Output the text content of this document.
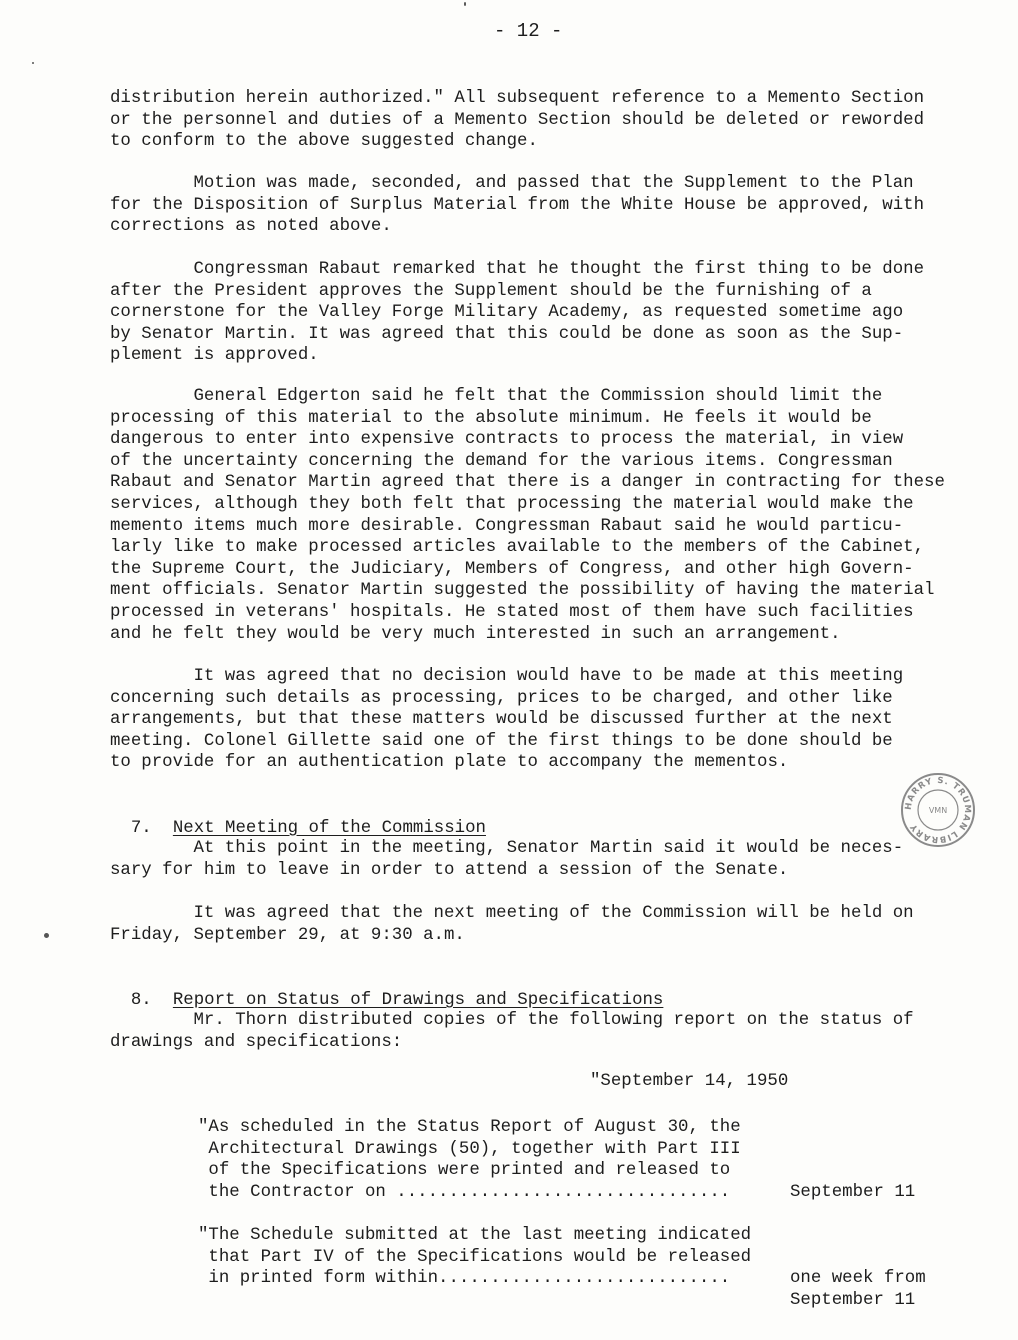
- 12 -
distribution herein authorized." All subsequent reference to a Memento Section
or the personnel and duties of a Memento Section should be deleted or reworded
to conform to the above suggested change.
Motion was made, seconded, and passed that the Supplement to the Plan
for the Disposition of Surplus Material from the White House be approved, with
corrections as noted above.
Congressman Rabaut remarked that he thought the first thing to be done
after the President approves the Supplement should be the furnishing of a
cornerstone for the Valley Forge Military Academy, as requested sometime ago
by Senator Martin. It was agreed that this could be done as soon as the Sup-
plement is approved.
General Edgerton said he felt that the Commission should limit the
processing of this material to the absolute minimum. He feels it would be
dangerous to enter into expensive contracts to process the material, in view
of the uncertainty concerning the demand for the various items. Congressman
Rabaut and Senator Martin agreed that there is a danger in contracting for these
services, although they both felt that processing the material would make the
memento items much more desirable. Congressman Rabaut said he would particu-
larly like to make processed articles available to the members of the Cabinet,
the Supreme Court, the Judiciary, Members of Congress, and other high Govern-
ment officials. Senator Martin suggested the possibility of having the material
processed in veterans' hospitals. He stated most of them have such facilities
and he felt they would be very much interested in such an arrangement.
It was agreed that no decision would have to be made at this meeting
concerning such details as processing, prices to be charged, and other like
arrangements, but that these matters would be discussed further at the next
meeting. Colonel Gillette said one of the first things to be done should be
to provide for an authentication plate to accompany the mementos.

7. Next Meeting of the Commission

At this point in the meeting, Senator Martin said it would be neces-
sary for him to leave in order to attend a session of the Senate.
It was agreed that the next meeting of the Commission will be held on
Friday, September 29, at 9:30 a.m.

8. Report on Status of Drawings and Specifications

Mr. Thorn distributed copies of the following report on the status of
drawings and specifications:
"September 14, 1950
"As scheduled in the Status Report of August 30, the
Architectural Drawings (50), together with Part III
of the Specifications were printed and released to
the Contractor on ................................	September 11
"The Schedule submitted at the last meeting indicated
that Part IV of the Specifications would be released
in printed form within............................	one week from
September 11
HARRY S. TRUMAN LIBRARY
VMN
